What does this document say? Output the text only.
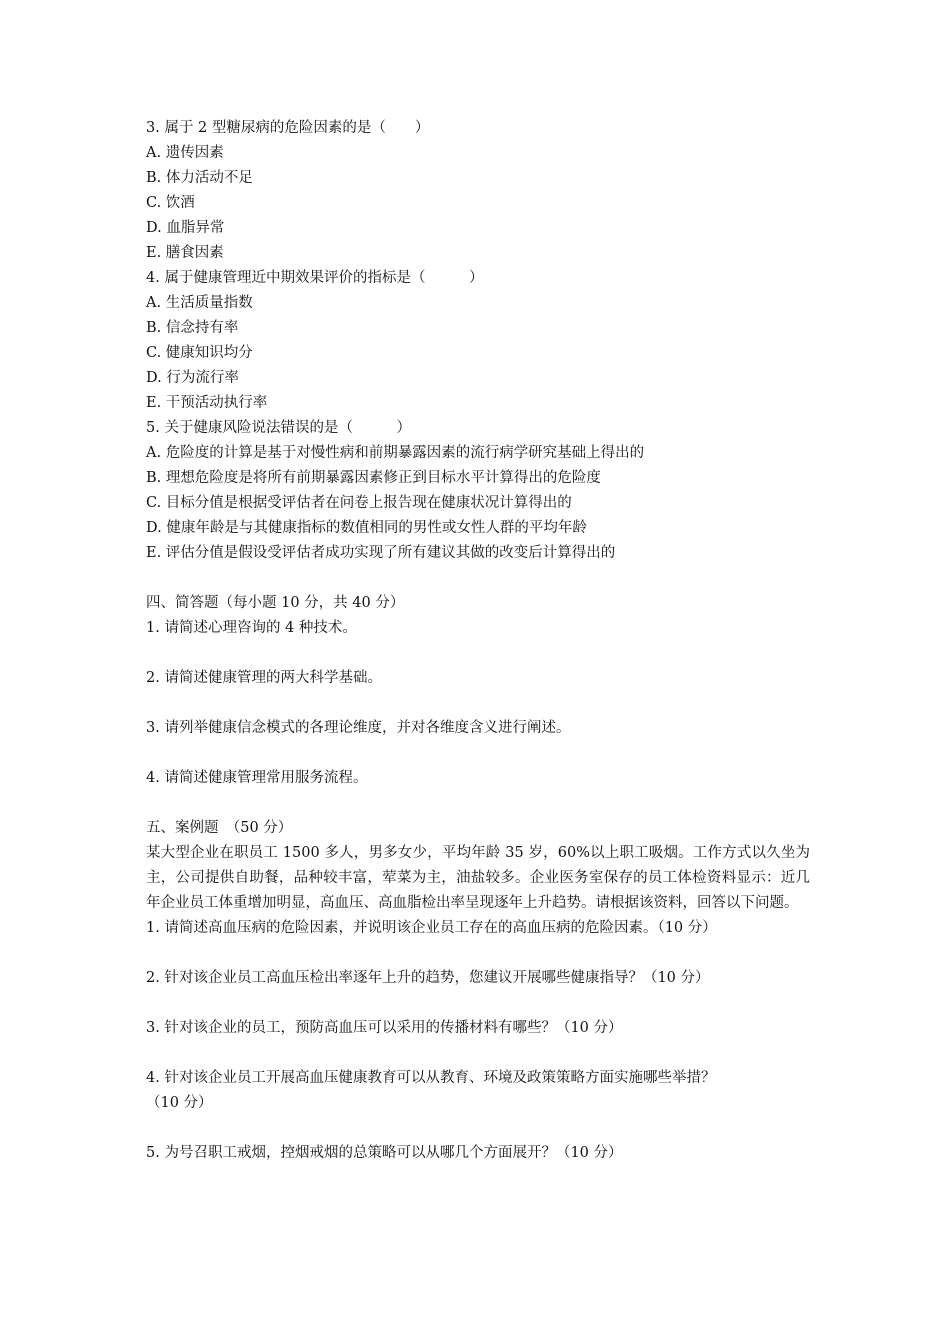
3. 属于 2 型糖尿病的危险因素的是（　　）
A. 遗传因素
B. 体力活动不足
C. 饮酒
D. 血脂异常
E. 膳食因素
4. 属于健康管理近中期效果评价的指标是（　　　）
A. 生活质量指数
B. 信念持有率
C. 健康知识均分
D. 行为流行率
E. 干预活动执行率
5. 关于健康风险说法错误的是（　　　）
A. 危险度的计算是基于对慢性病和前期暴露因素的流行病学研究基础上得出的
B. 理想危险度是将所有前期暴露因素修正到目标水平计算得出的危险度
C. 目标分值是根据受评估者在问卷上报告现在健康状况计算得出的
D. 健康年龄是与其健康指标的数值相同的男性或女性人群的平均年龄
E. 评估分值是假设受评估者成功实现了所有建议其做的改变后计算得出的
四、简答题（每小题 10 分，共 40 分）
1. 请简述心理咨询的 4 种技术。
2. 请简述健康管理的两大科学基础。
3. 请列举健康信念模式的各理论维度，并对各维度含义进行阐述。
4. 请简述健康管理常用服务流程。
五、案例题　（50 分）
某大型企业在职员工 1500 多人，男多女少，平均年龄 35 岁，60%以上职工吸烟。工作方式以久坐为主，公司提供自助餐，品种较丰富，荤菜为主，油盐较多。企业医务室保存的员工体检资料显示：近几年企业员工体重增加明显，高血压、高血脂检出率呈现逐年上升趋势。请根据该资料，回答以下问题。
1. 请简述高血压病的危险因素，并说明该企业员工存在的高血压病的危险因素。（10 分）
2. 针对该企业员工高血压检出率逐年上升的趋势，您建议开展哪些健康指导？（10 分）
3. 针对该企业的员工，预防高血压可以采用的传播材料有哪些？（10 分）
4. 针对该企业员工开展高血压健康教育可以从教育、环境及政策策略方面实施哪些举措？
（10 分）
5. 为号召职工戒烟，控烟戒烟的总策略可以从哪几个方面展开？（10 分）
